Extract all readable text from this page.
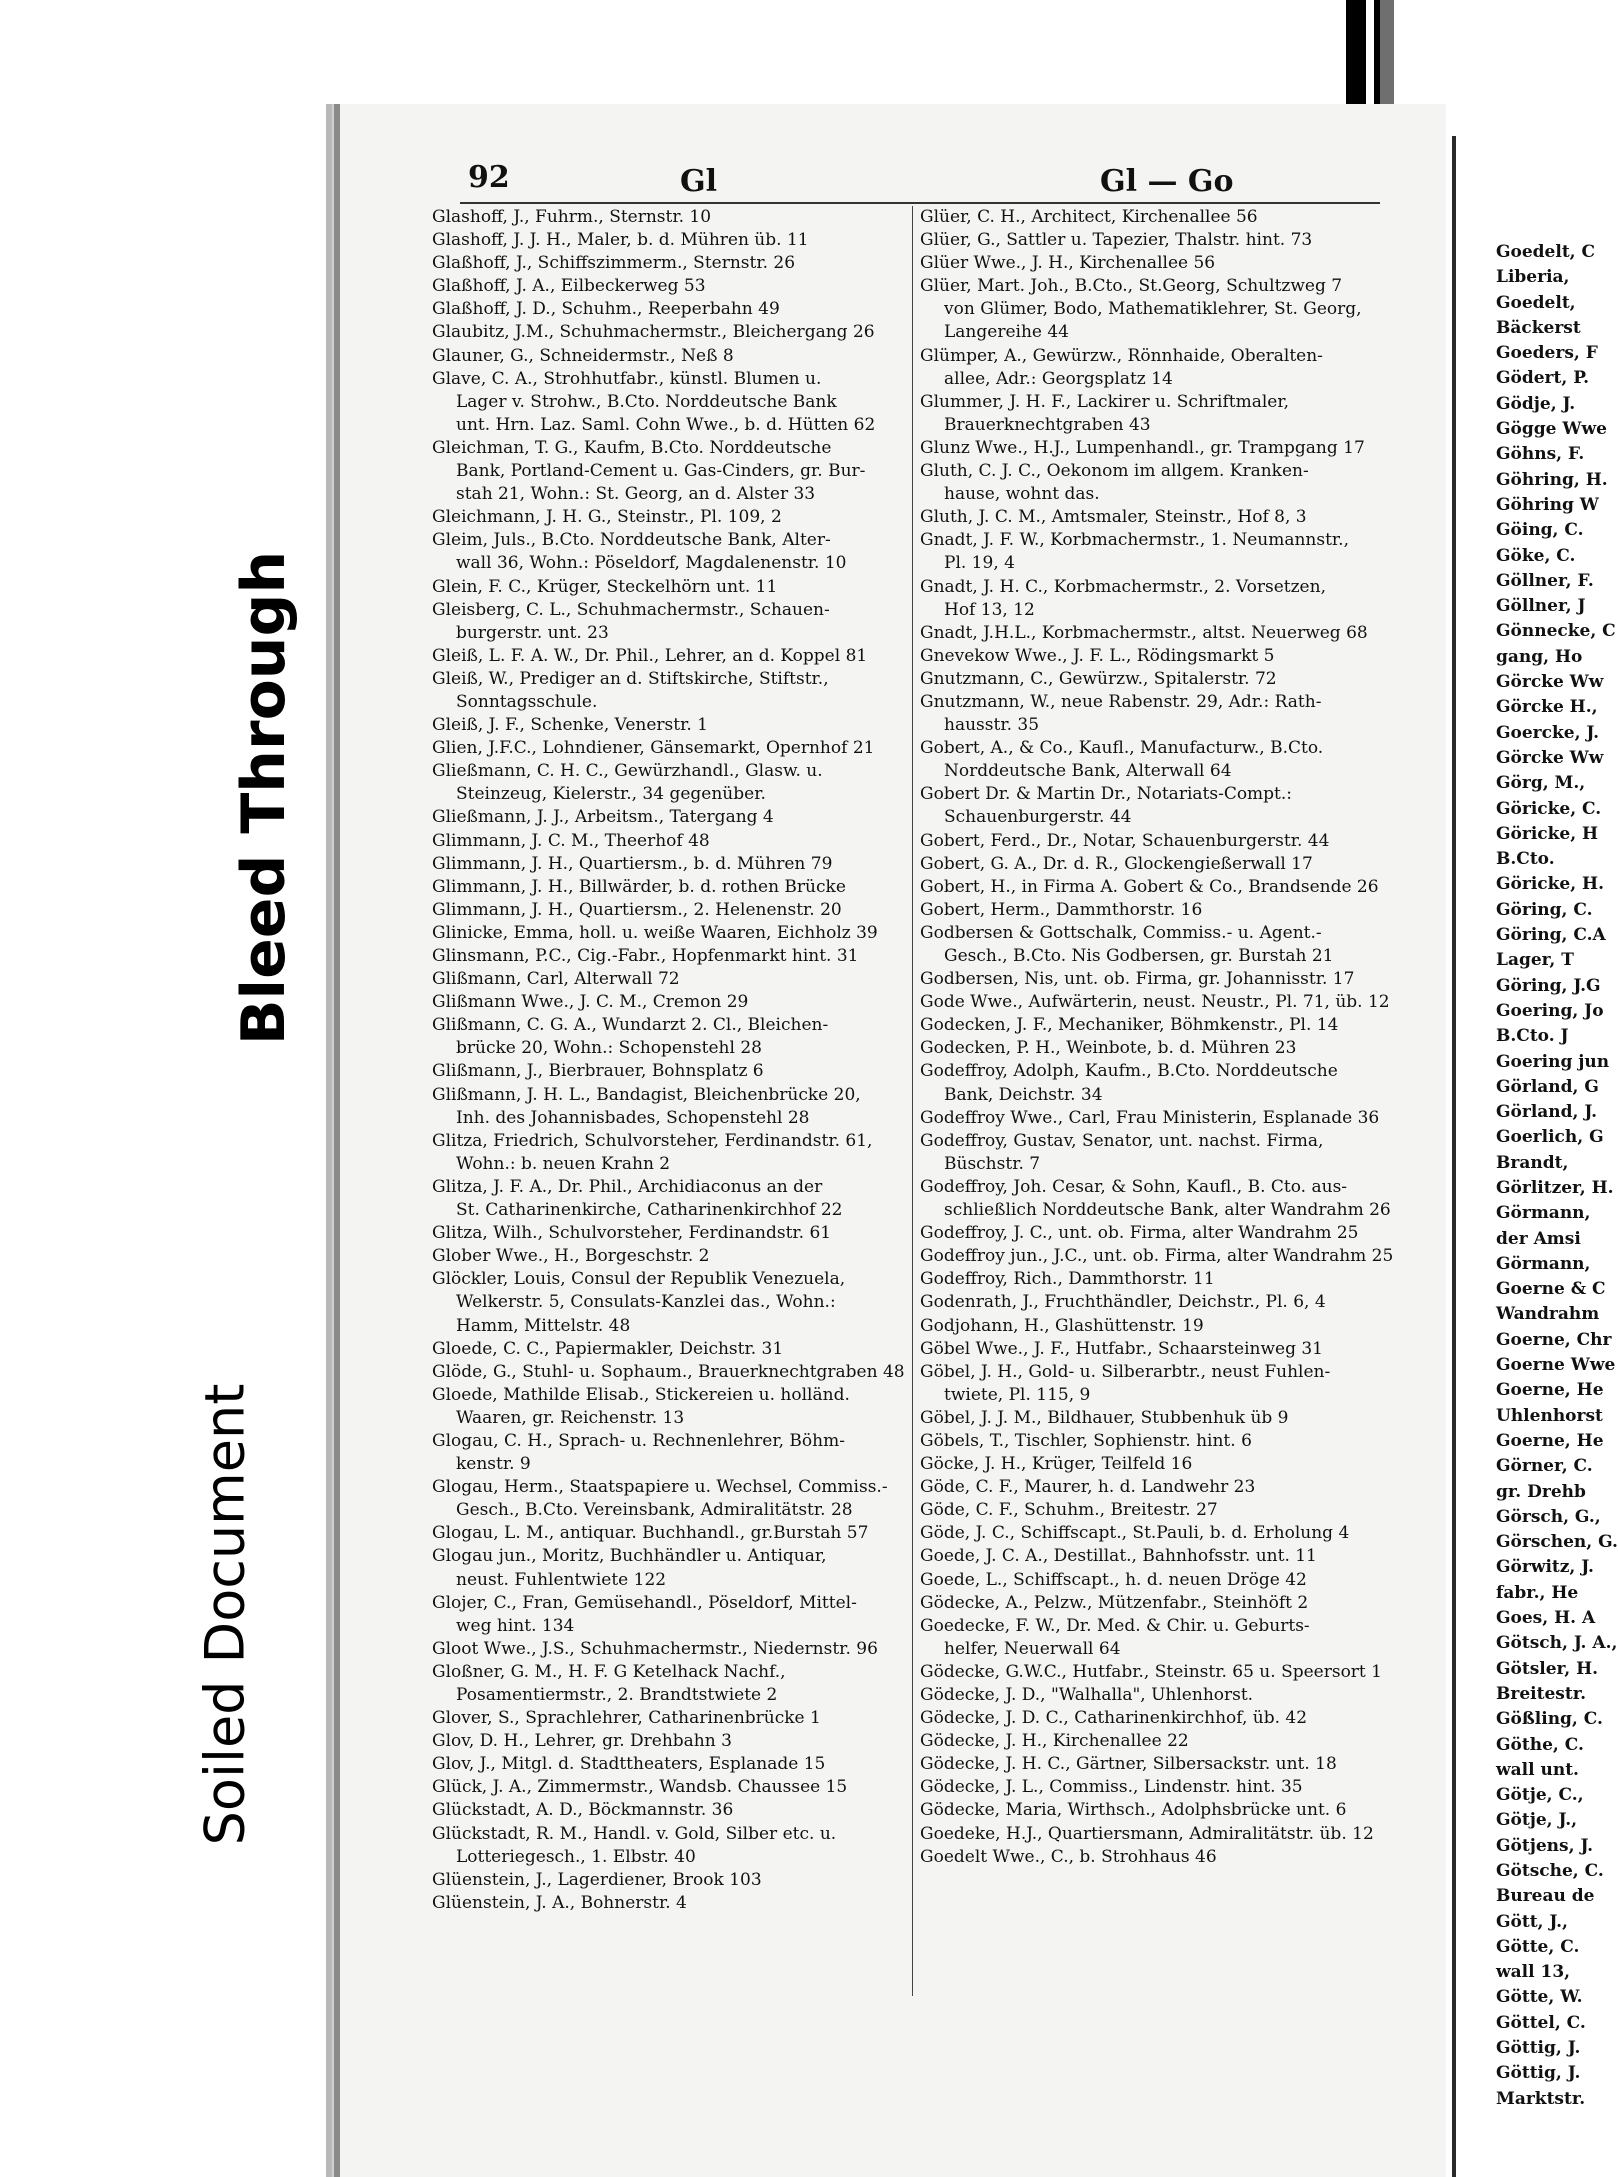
Bleed Through
Soiled Document
92	Gl	Gl — Go
Glashoff, J., Fuhrm., Sternstr. 10
Glashoff, J. J. H., Maler, b. d. Mühren üb. 11
Glaßhoff, J., Schiffszimmerm., Sternstr. 26
Glaßhoff, J. A., Eilbeckerweg 53
Glaßhoff, J. D., Schuhm., Reeperbahn 49
Glaubitz, J.M., Schuhmachermstr., Bleichergang 26
Glauner, G., Schneidermstr., Neß 8
Glave, C. A., Strohhutfabr., künstl. Blumen u.
Lager v. Strohw., B.Cto. Norddeutsche Bank
unt. Hrn. Laz. Saml. Cohn Wwe., b. d. Hütten 62
Gleichman, T. G., Kaufm, B.Cto. Norddeutsche
Bank, Portland-Cement u. Gas-Cinders, gr. Bur-
stah 21, Wohn.: St. Georg, an d. Alster 33
Gleichmann, J. H. G., Steinstr., Pl. 109, 2
Gleim, Juls., B.Cto. Norddeutsche Bank, Alter-
wall 36, Wohn.: Pöseldorf, Magdalenenstr. 10
Glein, F. C., Krüger, Steckelhörn unt. 11
Gleisberg, C. L., Schuhmachermstr., Schauen-
burgerstr. unt. 23
Gleiß, L. F. A. W., Dr. Phil., Lehrer, an d. Koppel 81
Gleiß, W., Prediger an d. Stiftskirche, Stiftstr.,
Sonntagsschule.
Gleiß, J. F., Schenke, Venerstr. 1
Glien, J.F.C., Lohndiener, Gänsemarkt, Opernhof 21
Gließmann, C. H. C., Gewürzhandl., Glasw. u.
Steinzeug, Kielerstr., 34 gegenüber.
Gließmann, J. J., Arbeitsm., Tatergang 4
Glimmann, J. C. M., Theerhof 48
Glimmann, J. H., Quartiersm., b. d. Mühren 79
Glimmann, J. H., Billwärder, b. d. rothen Brücke
Glimmann, J. H., Quartiersm., 2. Helenenstr. 20
Glinicke, Emma, holl. u. weiße Waaren, Eichholz 39
Glinsmann, P.C., Cig.-Fabr., Hopfenmarkt hint. 31
Glißmann, Carl, Alterwall 72
Glißmann Wwe., J. C. M., Cremon 29
Glißmann, C. G. A., Wundarzt 2. Cl., Bleichen-
brücke 20, Wohn.: Schopenstehl 28
Glißmann, J., Bierbrauer, Bohnsplatz 6
Glißmann, J. H. L., Bandagist, Bleichenbrücke 20,
Inh. des Johannisbades, Schopenstehl 28
Glitza, Friedrich, Schulvorsteher, Ferdinandstr. 61,
Wohn.: b. neuen Krahn 2
Glitza, J. F. A., Dr. Phil., Archidiaconus an der
St. Catharinenkirche, Catharinenkirchhof 22
Glitza, Wilh., Schulvorsteher, Ferdinandstr. 61
Glober Wwe., H., Borgeschstr. 2
Glöckler, Louis, Consul der Republik Venezuela,
Welkerstr. 5, Consulats-Kanzlei das., Wohn.:
Hamm, Mittelstr. 48
Gloede, C. C., Papiermakler, Deichstr. 31
Glöde, G., Stuhl- u. Sophaum., Brauerknechtgraben 48
Gloede, Mathilde Elisab., Stickereien u. holländ.
Waaren, gr. Reichenstr. 13
Glogau, C. H., Sprach- u. Rechnenlehrer, Böhm-
kenstr. 9
Glogau, Herm., Staatspapiere u. Wechsel, Commiss.-
Gesch., B.Cto. Vereinsbank, Admiralitätstr. 28
Glogau, L. M., antiquar. Buchhandl., gr.Burstah 57
Glogau jun., Moritz, Buchhändler u. Antiquar,
neust. Fuhlentwiete 122
Glojer, C., Fran, Gemüsehandl., Pöseldorf, Mittel-
weg hint. 134
Gloot Wwe., J.S., Schuhmachermstr., Niedernstr. 96
Gloßner, G. M., H. F. G Ketelhack Nachf.,
Posamentiermstr., 2. Brandtstwiete 2
Glover, S., Sprachlehrer, Catharinenbrücke 1
Glov, D. H., Lehrer, gr. Drehbahn 3
Glov, J., Mitgl. d. Stadttheaters, Esplanade 15
Glück, J. A., Zimmermstr., Wandsb. Chaussee 15
Glückstadt, A. D., Böckmannstr. 36
Glückstadt, R. M., Handl. v. Gold, Silber etc. u.
Lotteriegesch., 1. Elbstr. 40
Glüenstein, J., Lagerdiener, Brook 103
Glüenstein, J. A., Bohnerstr. 4
Glüer, C. H., Architect, Kirchenallee 56
Glüer, G., Sattler u. Tapezier, Thalstr. hint. 73
Glüer Wwe., J. H., Kirchenallee 56
Glüer, Mart. Joh., B.Cto., St.Georg, Schultzweg 7
von Glümer, Bodo, Mathematiklehrer, St. Georg,
Langereihe 44
Glümper, A., Gewürzw., Rönnhaide, Oberalten-
allee, Adr.: Georgsplatz 14
Glummer, J. H. F., Lackirer u. Schriftmaler,
Brauerknechtgraben 43
Glunz Wwe., H.J., Lumpenhandl., gr. Trampgang 17
Gluth, C. J. C., Oekonom im allgem. Kranken-
hause, wohnt das.
Gluth, J. C. M., Amtsmaler, Steinstr., Hof 8, 3
Gnadt, J. F. W., Korbmachermstr., 1. Neumannstr.,
Pl. 19, 4
Gnadt, J. H. C., Korbmachermstr., 2. Vorsetzen,
Hof 13, 12
Gnadt, J.H.L., Korbmachermstr., altst. Neuerweg 68
Gnevekow Wwe., J. F. L., Rödingsmarkt 5
Gnutzmann, C., Gewürzw., Spitalerstr. 72
Gnutzmann, W., neue Rabenstr. 29, Adr.: Rath-
hausstr. 35
Gobert, A., & Co., Kaufl., Manufacturw., B.Cto.
Norddeutsche Bank, Alterwall 64
Gobert Dr. & Martin Dr., Notariats-Compt.:
Schauenburgerstr. 44
Gobert, Ferd., Dr., Notar, Schauenburgerstr. 44
Gobert, G. A., Dr. d. R., Glockengießerwall 17
Gobert, H., in Firma A. Gobert & Co., Brandsende 26
Gobert, Herm., Dammthorstr. 16
Godbersen & Gottschalk, Commiss.- u. Agent.-
Gesch., B.Cto. Nis Godbersen, gr. Burstah 21
Godbersen, Nis, unt. ob. Firma, gr. Johannisstr. 17
Gode Wwe., Aufwärterin, neust. Neustr., Pl. 71, üb. 12
Godecken, J. F., Mechaniker, Böhmkenstr., Pl. 14
Godecken, P. H., Weinbote, b. d. Mühren 23
Godeffroy, Adolph, Kaufm., B.Cto. Norddeutsche
Bank, Deichstr. 34
Godeffroy Wwe., Carl, Frau Ministerin, Esplanade 36
Godeffroy, Gustav, Senator, unt. nachst. Firma,
Büschstr. 7
Godeffroy, Joh. Cesar, & Sohn, Kaufl., B. Cto. aus-
schließlich Norddeutsche Bank, alter Wandrahm 26
Godeffroy, J. C., unt. ob. Firma, alter Wandrahm 25
Godeffroy jun., J.C., unt. ob. Firma, alter Wandrahm 25
Godeffroy, Rich., Dammthorstr. 11
Godenrath, J., Fruchthändler, Deichstr., Pl. 6, 4
Godjohann, H., Glashüttenstr. 19
Göbel Wwe., J. F., Hutfabr., Schaarsteinweg 31
Göbel, J. H., Gold- u. Silberarbtr., neust Fuhlen-
twiete, Pl. 115, 9
Göbel, J. J. M., Bildhauer, Stubbenhuk üb 9
Göbels, T., Tischler, Sophienstr. hint. 6
Göcke, J. H., Krüger, Teilfeld 16
Göde, C. F., Maurer, h. d. Landwehr 23
Göde, C. F., Schuhm., Breitestr. 27
Göde, J. C., Schiffscapt., St.Pauli, b. d. Erholung 4
Goede, J. C. A., Destillat., Bahnhofsstr. unt. 11
Goede, L., Schiffscapt., h. d. neuen Dröge 42
Gödecke, A., Pelzw., Mützenfabr., Steinhöft 2
Goedecke, F. W., Dr. Med. & Chir. u. Geburts-
helfer, Neuerwall 64
Gödecke, G.W.C., Hutfabr., Steinstr. 65 u. Speersort 1
Gödecke, J. D., "Walhalla", Uhlenhorst.
Gödecke, J. D. C., Catharinenkirchhof, üb. 42
Gödecke, J. H., Kirchenallee 22
Gödecke, J. H. C., Gärtner, Silbersackstr. unt. 18
Gödecke, J. L., Commiss., Lindenstr. hint. 35
Gödecke, Maria, Wirthsch., Adolphsbrücke unt. 6
Goedeke, H.J., Quartiersmann, Admiralitätstr. üb. 12
Goedelt Wwe., C., b. Strohhaus 46
Goedelt, C
Liberia,
Goedelt,
Bäckerst
Goeders, F
Gödert, P.
Gödje, J.
Gögge Wwe
Göhns, F.
Göhring, H.
Göhring W
Göing, C.
Göke, C.
Göllner, F.
Göllner, J
Gönnecke, C
gang, Ho
Görcke Ww
Görcke H.,
Goercke, J.
Görcke Ww
Görg, M.,
Göricke, C.
Göricke, H
B.Cto.
Göricke, H.
Göring, C.
Göring, C.A
Lager, T
Göring, J.G
Goering, Jo
B.Cto. J
Goering jun
Görland, G
Görland, J.
Goerlich, G
Brandt,
Görlitzer, H.
Görmann,
der Amsi
Görmann,
Goerne & C
Wandrahm
Goerne, Chr
Goerne Wwe
Goerne, He
Uhlenhorst
Goerne, He
Görner, C.
gr. Drehb
Görsch, G.,
Görschen, G.
Görwitz, J.
fabr., He
Goes, H. A
Götsch, J. A.,
Götsler, H.
Breitestr.
Gößling, C.
Göthe, C.
wall unt.
Götje, C.,
Götje, J.,
Götjens, J.
Götsche, C.
Bureau de
Gött, J.,
Götte, C.
wall 13,
Götte, W.
Göttel, C.
Göttig, J.
Göttig, J.
Marktstr.
